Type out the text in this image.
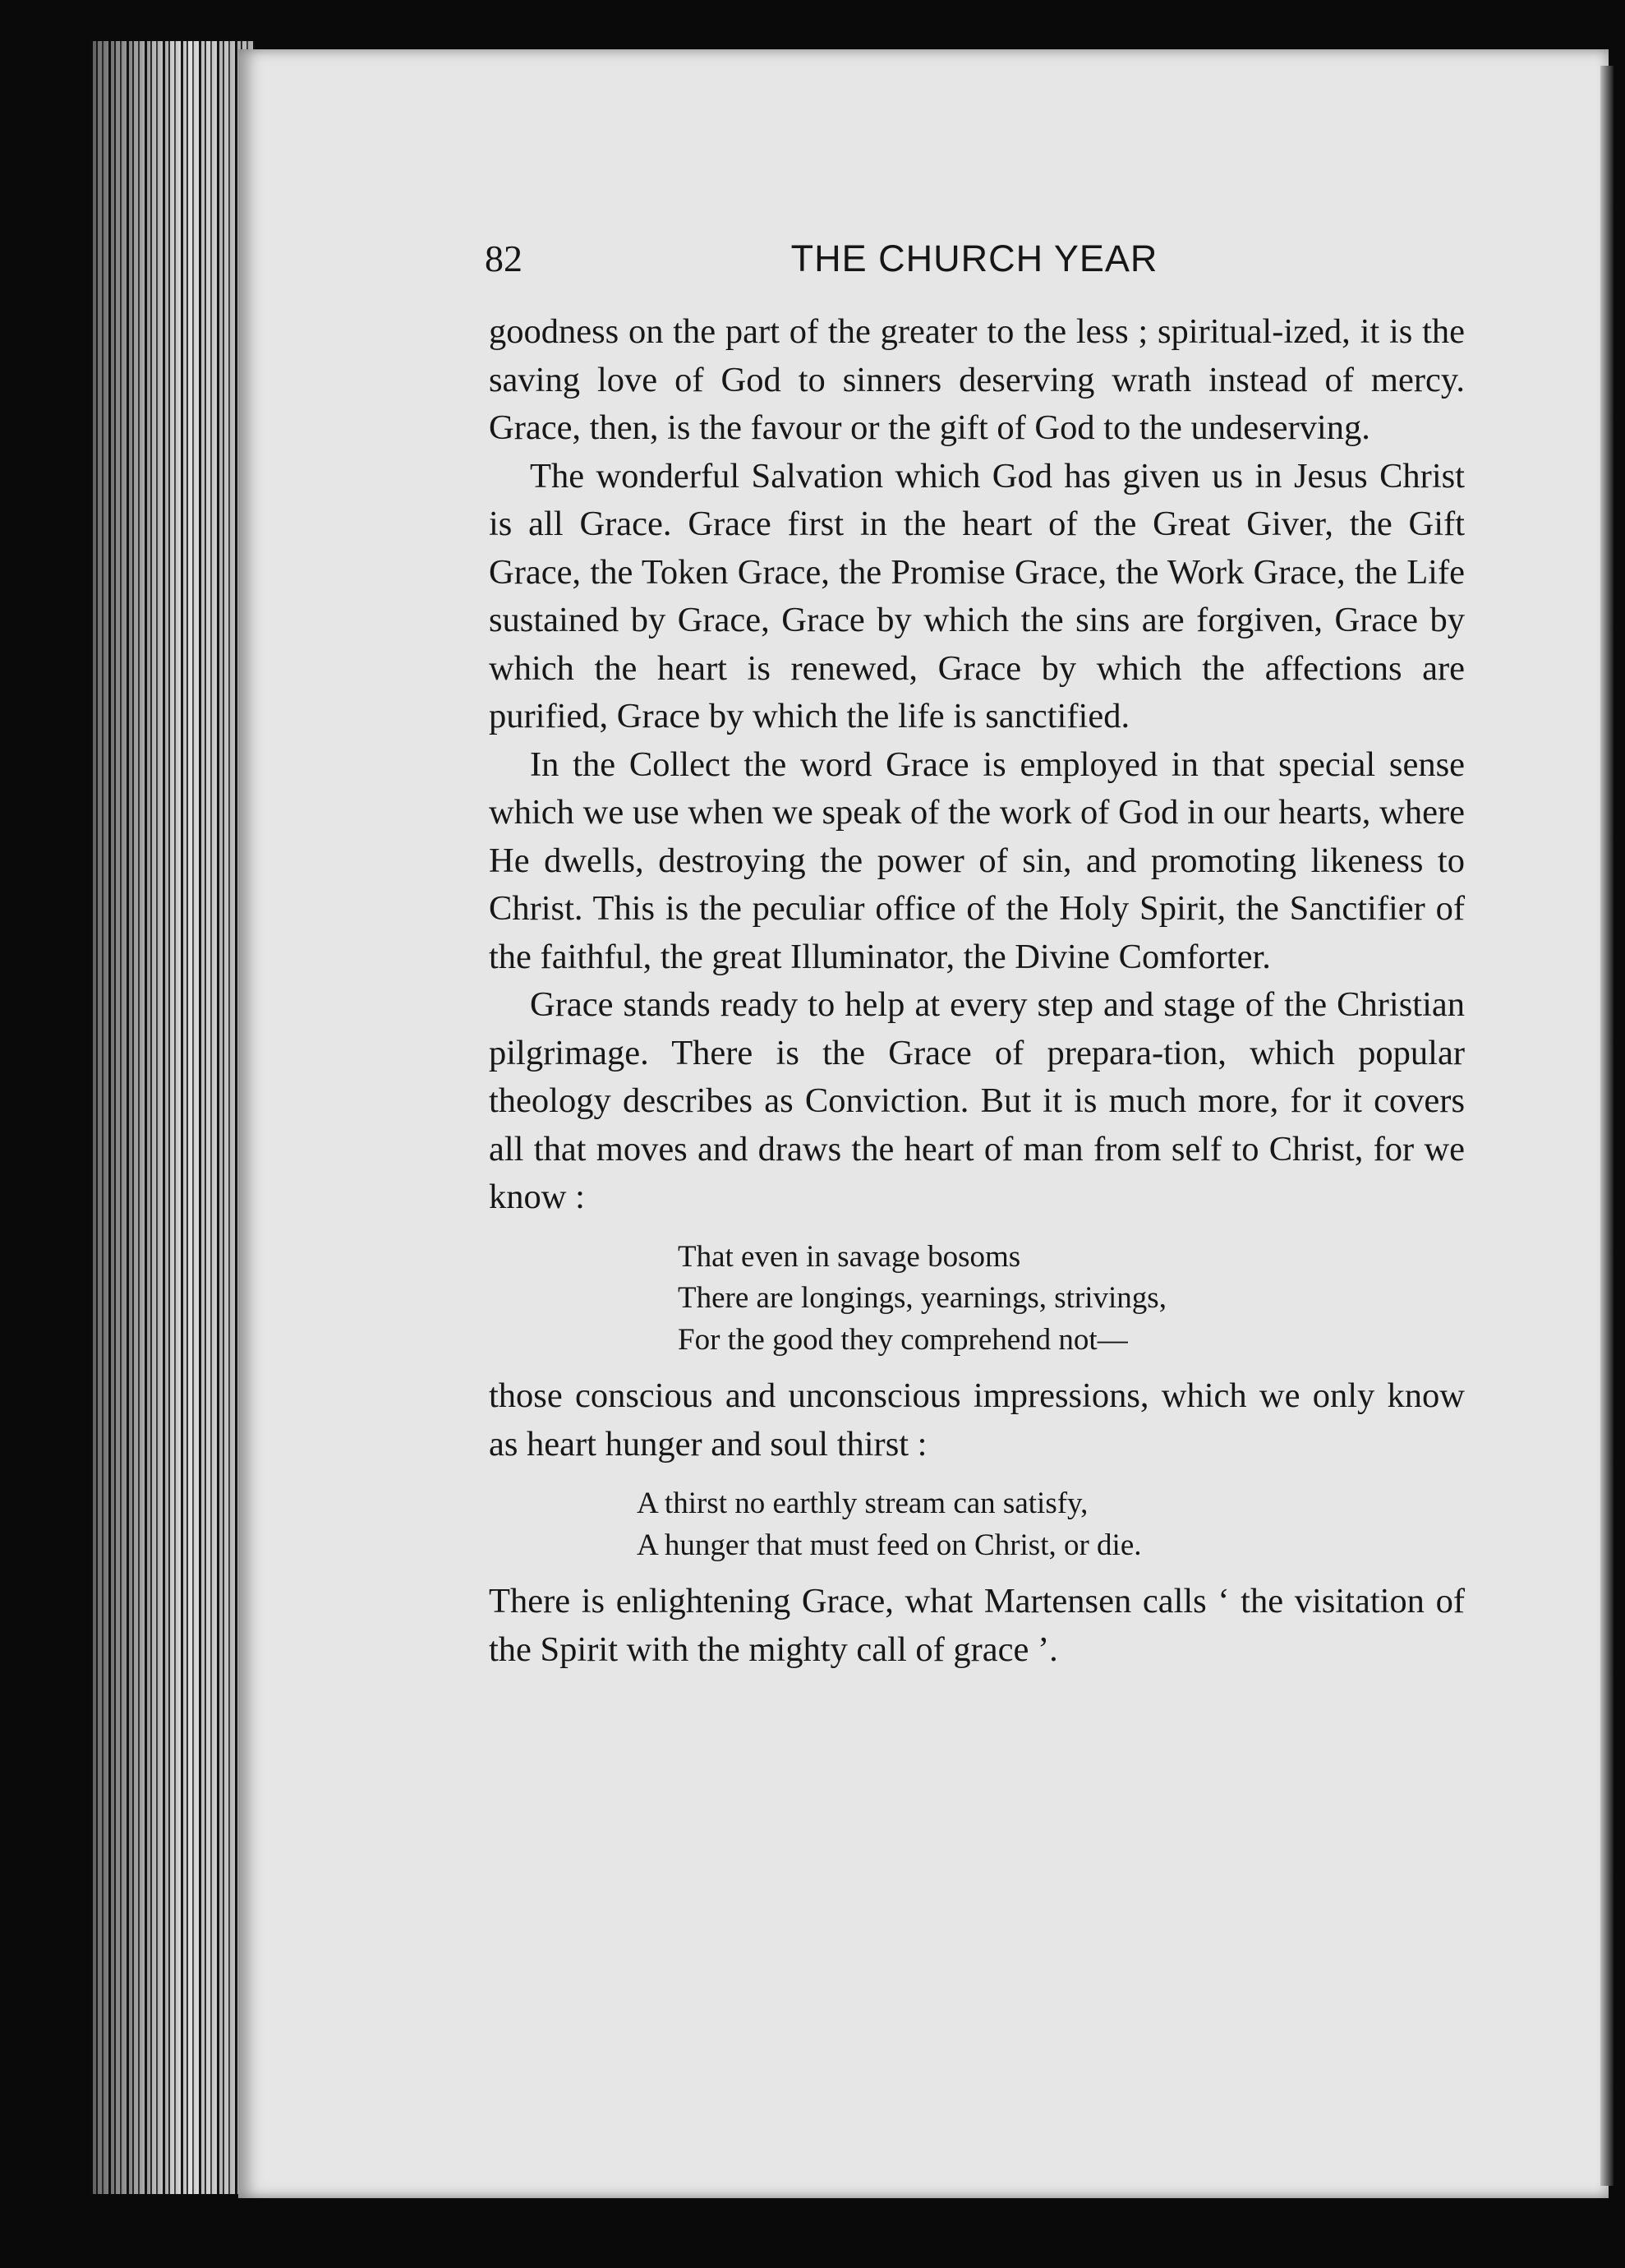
82	THE CHURCH YEAR

goodness on the part of the greater to the less ; spiritual-ized, it is the saving love of God to sinners deserving wrath instead of mercy. Grace, then, is the favour or the gift of God to the undeserving.

The wonderful Salvation which God has given us in Jesus Christ is all Grace. Grace first in the heart of the Great Giver, the Gift Grace, the Token Grace, the Promise Grace, the Work Grace, the Life sustained by Grace, Grace by which the sins are forgiven, Grace by which the heart is renewed, Grace by which the affections are purified, Grace by which the life is sanctified.

In the Collect the word Grace is employed in that special sense which we use when we speak of the work of God in our hearts, where He dwells, destroying the power of sin, and promoting likeness to Christ. This is the peculiar office of the Holy Spirit, the Sanctifier of the faithful, the great Illuminator, the Divine Comforter.

Grace stands ready to help at every step and stage of the Christian pilgrimage. There is the Grace of prepara-tion, which popular theology describes as Conviction. But it is much more, for it covers all that moves and draws the heart of man from self to Christ, for we know :

That even in savage bosoms
There are longings, yearnings, strivings,
For the good they comprehend not—

those conscious and unconscious impressions, which we only know as heart hunger and soul thirst :

A thirst no earthly stream can satisfy,
A hunger that must feed on Christ, or die.

There is enlightening Grace, what Martensen calls ‘ the visitation of the Spirit with the mighty call of grace ’.
